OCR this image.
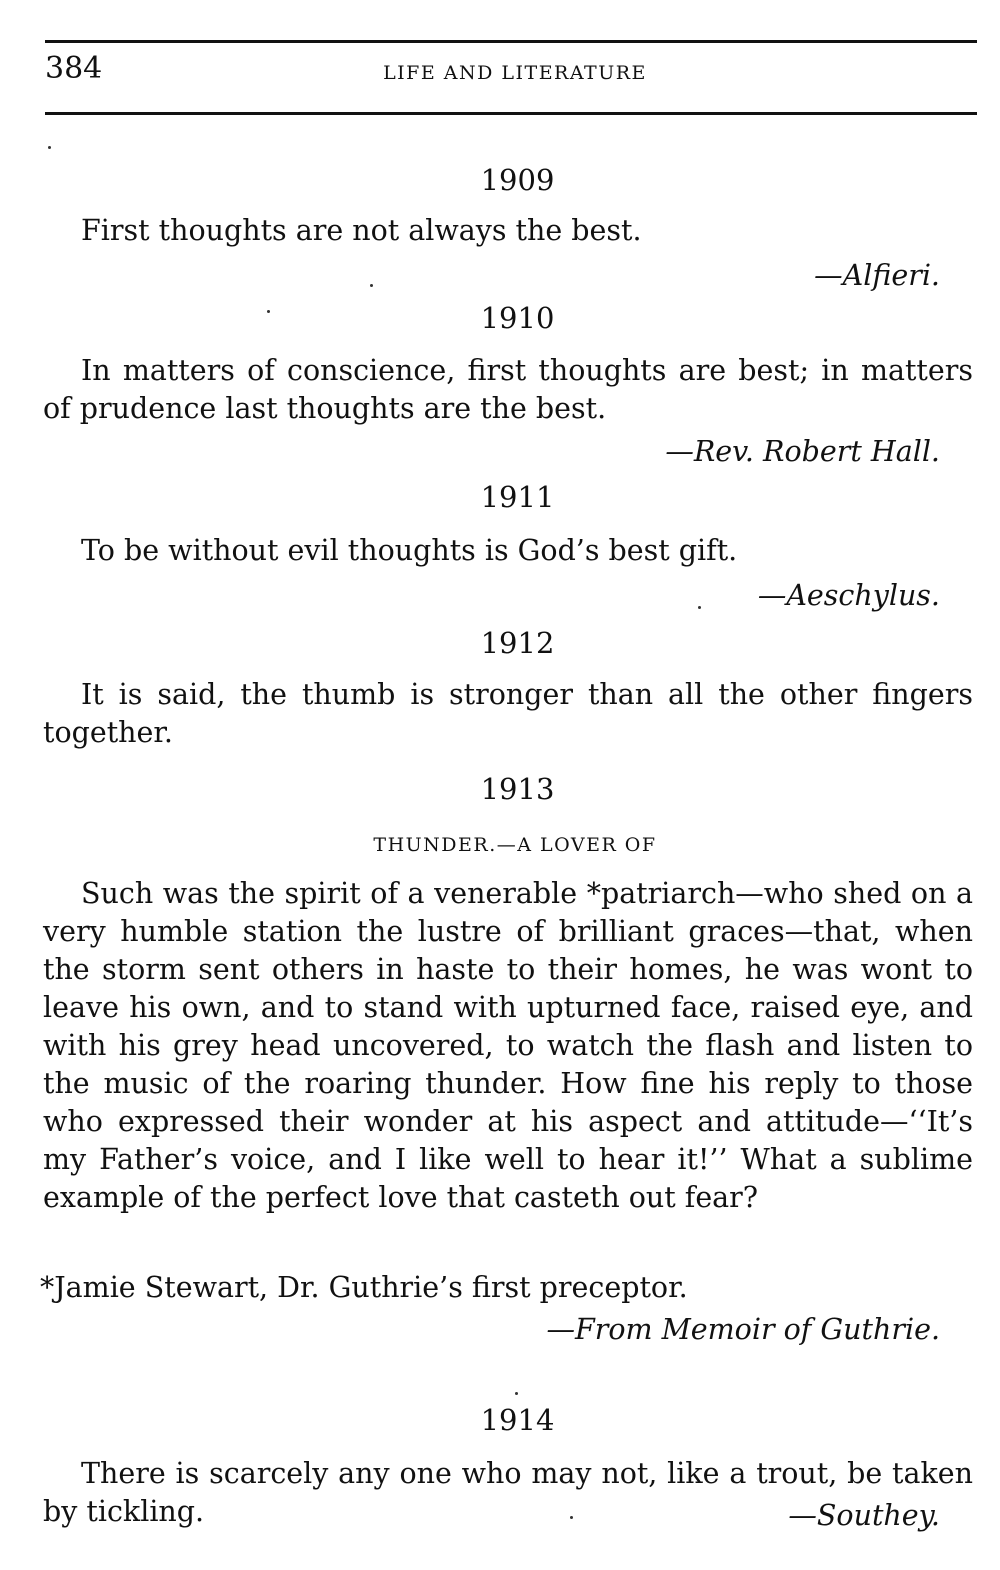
384	LIFE AND LITERATURE
1909
First thoughts are not always the best.
—Alfieri.
1910
In matters of conscience, first thoughts are best; in matters of prudence last thoughts are the best.
—Rev. Robert Hall.
1911
To be without evil thoughts is God’s best gift.
—Aeschylus.
1912
It is said, the thumb is stronger than all the other fingers together.
1913
THUNDER.—A LOVER OF
Such was the spirit of a venerable *patriarch—who shed on a very humble station the lustre of brilliant graces—that, when the storm sent others in haste to their homes, he was wont to leave his own, and to stand with upturned face, raised eye, and with his grey head uncovered, to watch the flash and listen to the music of the roaring thunder. How fine his reply to those who expressed their wonder at his aspect and attitude—‘‘It’s my Father’s voice, and I like well to hear it!’’ What a sublime example of the perfect love that casteth out fear?
*Jamie Stewart, Dr. Guthrie’s first preceptor.
—From Memoir of Guthrie.
1914
There is scarcely any one who may not, like a trout, be taken by tickling.	—Southey.
